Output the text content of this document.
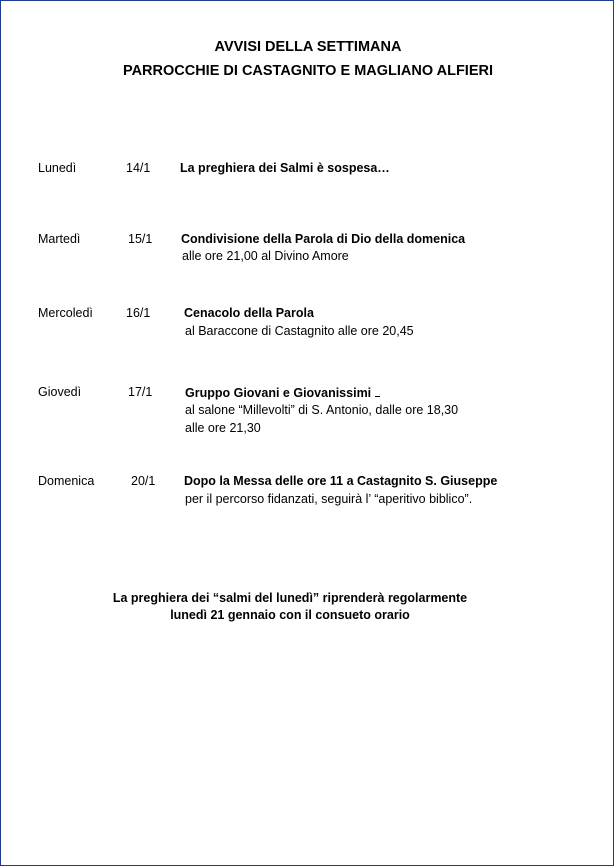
AVVISI DELLA SETTIMANA
PARROCCHIE DI CASTAGNITO E MAGLIANO ALFIERI
Lunedì	14/1 La preghiera dei Salmi è sospesa…
Martedì	15/1 Condivisione della Parola di Dio della domenica
alle ore 21,00 al Divino Amore
Mercoledì	16/1	Cenacolo della Parola
al Baraccone di Castagnito alle ore 20,45
Giovedì	17/1	Gruppo Giovani e Giovanissimi
al salone “Millevolti” di S. Antonio, dalle ore 18,30
alle ore 21,30
Domenica	20/1 Dopo la Messa delle ore 11 a Castagnito S. Giuseppe
per il percorso fidanzati, seguirà l’ “aperitivo biblico”.
La preghiera dei “salmi del lunedì” riprenderà regolarmente
lunedì 21 gennaio con il consueto orario
